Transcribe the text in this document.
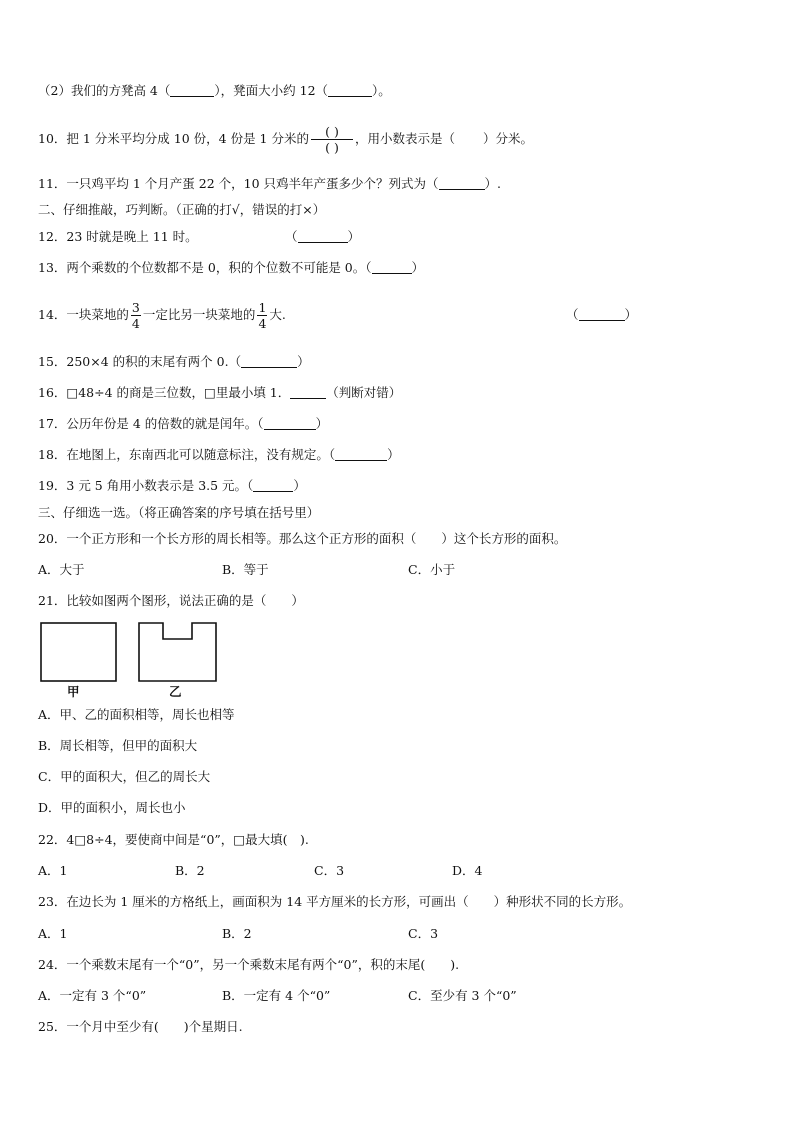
（2）我们的方凳高 4（	），凳面大小约 12（	）。
10．把 1 分米平均分成 10 份，4 份是 1 分米的 $\frac{( )}{( )}$ ，用小数表示是（ ）分米。
11．一只鸡平均 1 个月产蛋 22 个，10 只鸡半年产蛋多少个？列式为（	）.
二、仔细推敲，巧判断。（正确的打√，错误的打×）
12．23 时就是晚上 11 时。	（	）
13．两个乘数的个位数都不是 0，积的个位数不可能是 0。（	）
14．一块菜地的 $\frac{3}{4}$ 一定比另一块菜地的 $\frac{1}{4}$ 大.	（	）
15．250×4 的积的末尾有两个 0.（	）
16．□48÷4 的商是三位数，□里最小填 1．	（判断对错）
17．公历年份是 4 的倍数的就是闰年。（	）
18．在地图上，东南西北可以随意标注，没有规定。（	）
19．3 元 5 角用小数表示是 3.5 元。（	）
三、仔细选一选。（将正确答案的序号填在括号里）
20．一个正方形和一个长方形的周长相等。那么这个正方形的面积（　　）这个长方形的面积。
A．大于	B．等于	C．小于
21．比较如图两个图形，说法正确的是（　　）
甲	乙
A．甲、乙的面积相等，周长也相等
B．周长相等，但甲的面积大
C．甲的面积大，但乙的周长大
D．甲的面积小，周长也小
22．4□8÷4，要使商中间是“0”，□最大填(　).
A．1	B．2	C．3	D．4
23．在边长为 1 厘米的方格纸上，画面积为 14 平方厘米的长方形，可画出（　　）种形状不同的长方形。
A．1	B．2	C．3
24．一个乘数末尾有一个“0”，另一个乘数末尾有两个“0”，积的末尾(　　).
A．一定有 3 个“0”	B．一定有 4 个“0”	C．至少有 3 个“0”
25．一个月中至少有(　　)个星期日.
